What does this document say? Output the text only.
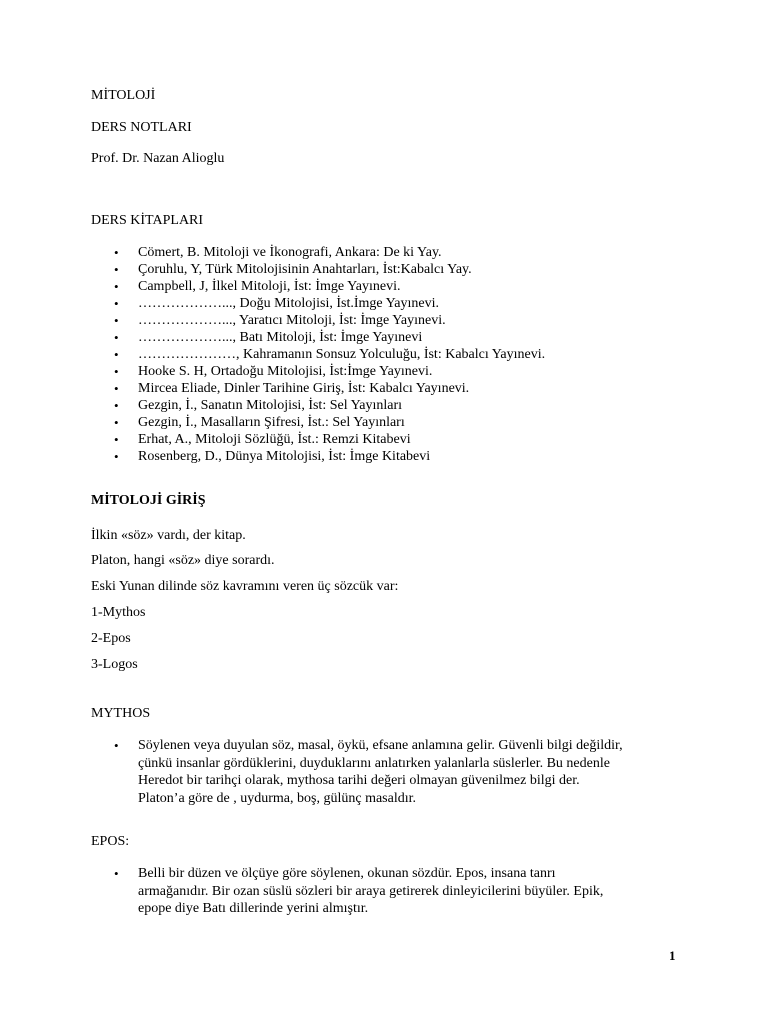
MİTOLOJİ
DERS NOTLARI
Prof. Dr. Nazan Alioglu
DERS KİTAPLARI
• Cömert, B. Mitoloji ve İkonografi, Ankara: De ki Yay.
• Çoruhlu, Y, Türk Mitolojisinin Anahtarları, İst:Kabalcı Yay.
• Campbell, J, İlkel Mitoloji, İst: İmge Yayınevi.
• ………………..., Doğu Mitolojisi, İst.İmge Yayınevi.
• ………………..., Yaratıcı Mitoloji, İst: İmge Yayınevi.
• ………………..., Batı Mitoloji, İst: İmge Yayınevi
• …………………, Kahramanın Sonsuz Yolculuğu, İst: Kabalcı Yayınevi.
• Hooke S. H, Ortadoğu Mitolojisi, İst:İmge Yayınevi.
• Mircea Eliade, Dinler Tarihine Giriş, İst: Kabalcı Yayınevi.
• Gezgin, İ., Sanatın Mitolojisi, İst: Sel Yayınları
• Gezgin, İ., Masalların Şifresi, İst.: Sel Yayınları
• Erhat, A., Mitoloji Sözlüğü, İst.: Remzi Kitabevi
• Rosenberg, D., Dünya Mitolojisi, İst: İmge Kitabevi
MİTOLOJİ GİRİŞ
İlkin «söz» vardı, der kitap.
Platon, hangi «söz» diye sorardı.
Eski Yunan dilinde söz kavramını veren üç sözcük var:
1-Mythos
2-Epos
3-Logos
MYTHOS
• Söylenen veya duyulan söz, masal, öykü, efsane anlamına gelir. Güvenli bilgi değildir,
çünkü insanlar gördüklerini, duyduklarını anlatırken yalanlarla süslerler. Bu nedenle
Heredot bir tarihçi olarak, mythosa tarihi değeri olmayan güvenilmez bilgi der.
Platon’a göre de , uydurma, boş, gülünç masaldır.
EPOS:
• Belli bir düzen ve ölçüye göre söylenen, okunan sözdür. Epos, insana tanrı
armağanıdır. Bir ozan süslü sözleri bir araya getirerek dinleyicilerini büyüler. Epik,
epope diye Batı dillerinde yerini almıştır.
1
